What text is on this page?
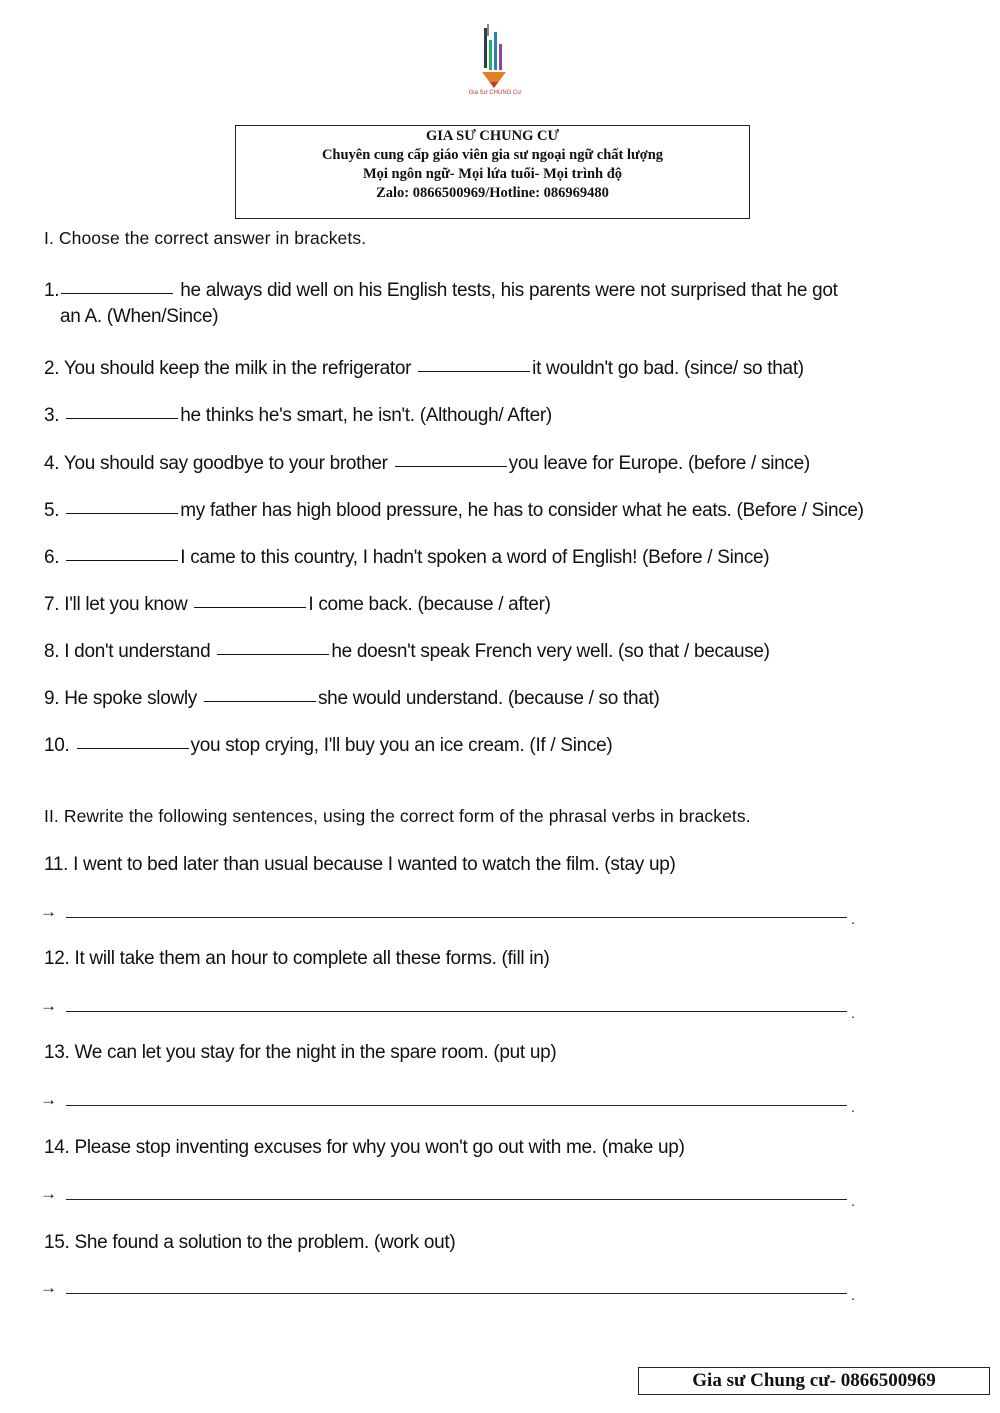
Gia Sư CHUNG Cư
GIA SƯ CHUNG CƯ
Chuyên cung cấp giáo viên gia sư ngoại ngữ chất lượng
Mọi ngôn ngữ- Mọi lứa tuổi- Mọi trình độ
Zalo: 0866500969/Hotline: 086969480
I. Choose the correct answer in brackets.
1.	he always did well on his English tests, his parents were not surprised that he got
an A. (When/Since)
2. You should keep the milk in the refrigerator	it wouldn't go bad. (since/ so that)
3.	he thinks he's smart, he isn't. (Although/ After)
4. You should say goodbye to your brother	you leave for Europe. (before / since)
5.	my father has high blood pressure, he has to consider what he eats. (Before / Since)
6.	I came to this country, I hadn't spoken a word of English! (Before / Since)
7. I'll let you know	I come back. (because / after)
8. I don't understand	he doesn't speak French very well. (so that / because)
9. He spoke slowly	she would understand. (because / so that)
10.	you stop crying, I'll buy you an ice cream. (If / Since)
II. Rewrite the following sentences, using the correct form of the phrasal verbs in brackets.
11. I went to bed later than usual because I wanted to watch the film. (stay up)
→	.
12. It will take them an hour to complete all these forms. (fill in)
→	.
13. We can let you stay for the night in the spare room. (put up)
→	.
14. Please stop inventing excuses for why you won't go out with me. (make up)
→	.
15. She found a solution to the problem. (work out)
→	.
Gia sư Chung cư- 0866500969
